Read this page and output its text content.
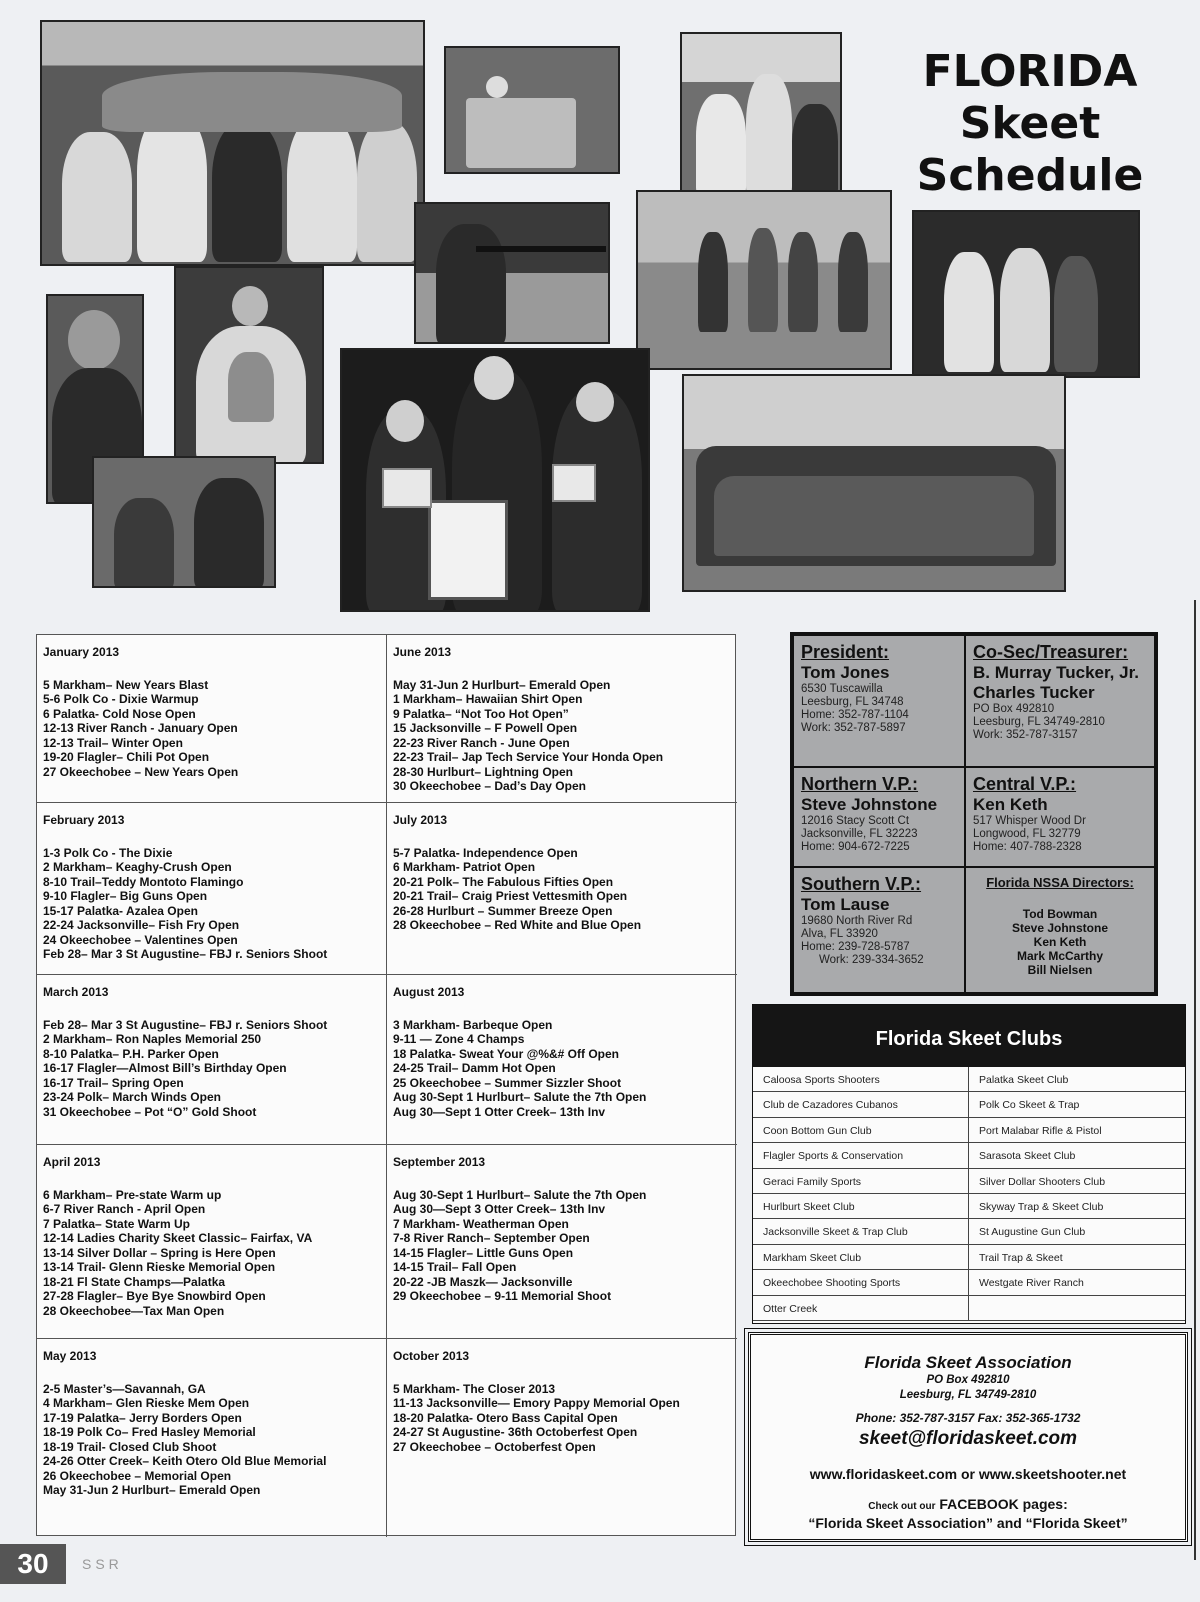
FLORIDA
Skeet
Schedule
January 2013
5 Markham– New Years Blast
5-6 Polk Co - Dixie Warmup
6 Palatka- Cold Nose Open
12-13 River Ranch - January Open
12-13 Trail– Winter Open
19-20 Flagler– Chili Pot Open
27 Okeechobee – New Years Open
June 2013
May 31-Jun 2 Hurlburt– Emerald Open
1 Markham– Hawaiian Shirt Open
9 Palatka– “Not Too Hot Open”
15 Jacksonville – F Powell Open
22-23 River Ranch - June Open
22-23 Trail– Jap Tech Service Your Honda Open
28-30 Hurlburt– Lightning Open
30 Okeechobee – Dad’s Day Open
February 2013
1-3 Polk Co - The Dixie
2 Markham– Keaghy-Crush Open
8-10 Trail–Teddy Montoto Flamingo
9-10 Flagler– Big Guns Open
15-17 Palatka- Azalea Open
22-24 Jacksonville– Fish Fry Open
24 Okeechobee – Valentines Open
Feb 28– Mar 3 St Augustine– FBJ r. Seniors Shoot
July 2013
5-7 Palatka- Independence Open
6 Markham- Patriot Open
20-21 Polk– The Fabulous Fifties Open
20-21 Trail– Craig Priest Vettesmith Open
26-28 Hurlburt – Summer Breeze Open
28 Okeechobee – Red White and Blue Open
March 2013
Feb 28– Mar 3 St Augustine– FBJ r. Seniors Shoot
2 Markham– Ron Naples Memorial 250
8-10 Palatka– P.H. Parker Open
16-17 Flagler—Almost Bill’s Birthday Open
16-17 Trail– Spring Open
23-24 Polk– March Winds Open
31 Okeechobee – Pot “O” Gold Shoot
August 2013
3 Markham- Barbeque Open
9-11 — Zone 4 Champs
18 Palatka- Sweat Your @%&# Off Open
24-25 Trail– Damm Hot Open
25 Okeechobee – Summer Sizzler Shoot
Aug 30-Sept 1 Hurlburt– Salute the 7th Open
Aug 30—Sept 1 Otter Creek– 13th Inv
April 2013
6 Markham– Pre-state Warm up
6-7 River Ranch - April Open
7 Palatka– State Warm Up
12-14 Ladies Charity Skeet Classic– Fairfax, VA
13-14 Silver Dollar – Spring is Here Open
13-14 Trail- Glenn Rieske Memorial Open
18-21 Fl State Champs—Palatka
27-28 Flagler– Bye Bye Snowbird Open
28 Okeechobee—Tax Man Open
September 2013
Aug 30-Sept 1 Hurlburt– Salute the 7th Open
Aug 30—Sept 3 Otter Creek– 13th Inv
7 Markham- Weatherman Open
7-8 River Ranch– September Open
14-15 Flagler– Little Guns Open
14-15 Trail– Fall Open
20-22 -JB Maszk— Jacksonville
29 Okeechobee – 9-11 Memorial Shoot
May 2013
2-5 Master’s—Savannah, GA
4 Markham– Glen Rieske Mem Open
17-19 Palatka– Jerry Borders Open
18-19 Polk Co– Fred Hasley Memorial
18-19 Trail- Closed Club Shoot
24-26 Otter Creek– Keith Otero Old Blue Memorial
26 Okeechobee – Memorial Open
May 31-Jun 2 Hurlburt– Emerald Open
October 2013
5 Markham- The Closer 2013
11-13 Jacksonville— Emory Pappy Memorial Open
18-20 Palatka- Otero Bass Capital Open
24-27 St Augustine- 36th Octoberfest Open
27 Okeechobee – Octoberfest Open
President:
Tom Jones
6530 Tuscawilla
Leesburg, FL 34748
Home: 352-787-1104
Work: 352-787-5897
Co-Sec/Treasurer:
B. Murray Tucker, Jr.
Charles Tucker
PO Box 492810
Leesburg, FL 34749-2810
Work: 352-787-3157
Northern V.P.:
Steve Johnstone
12016 Stacy Scott Ct
Jacksonville, FL 32223
Home: 904-672-7225
Central V.P.:
Ken Keth
517 Whisper Wood Dr
Longwood, FL 32779
Home: 407-788-2328
Southern V.P.:
Tom Lause
19680 North River Rd
Alva, FL 33920
Home: 239-728-5787
Work: 239-334-3652
Florida NSSA Directors:
Tod Bowman
Steve Johnstone
Ken Keth
Mark McCarthy
Bill Nielsen
Florida Skeet Clubs
Caloosa Sports Shooters	Palatka Skeet Club
Club de Cazadores Cubanos	Polk Co Skeet & Trap
Coon Bottom Gun Club	Port Malabar Rifle & Pistol
Flagler Sports & Conservation	Sarasota Skeet Club
Geraci Family Sports	Silver Dollar Shooters Club
Hurlburt Skeet Club	Skyway Trap & Skeet Club
Jacksonville Skeet & Trap Club	St Augustine Gun Club
Markham Skeet Club	Trail Trap & Skeet
Okeechobee Shooting Sports	Westgate River Ranch
Otter Creek
Florida Skeet Association
PO Box 492810
Leesburg, FL 34749-2810
Phone: 352-787-3157 Fax: 352-365-1732
skeet@floridaskeet.com
www.floridaskeet.com or www.skeetshooter.net
Check out our FACEBOOK pages:
“Florida Skeet Association” and “Florida Skeet”
30	SSR
